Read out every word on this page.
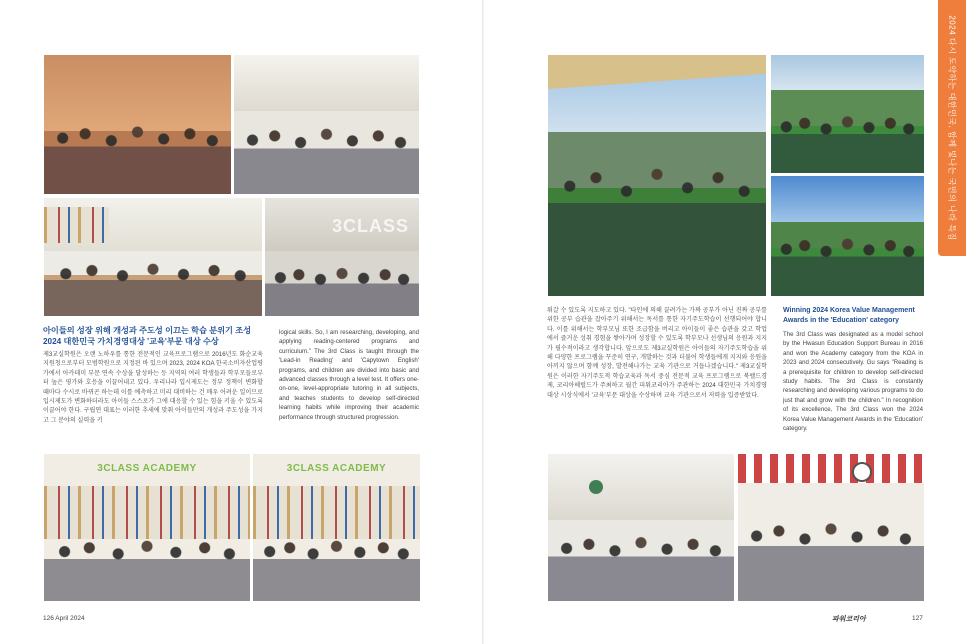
3CLASS
아이들의 성장 위해 개성과 주도성 이끄는 학습 분위기 조성
2024 대한민국 가치경영대상 '교육'부문 대상 수상
제3교실학원은 오랜 노하우를 통한 전문적인 교육프로그램으로 2016년도 화순교육지원청으로부터 모범학원으로 지정된 바 있으며 2023, 2024 KOA 한국소비자산업평가에서 아카데미 부문 연속 수상을 달성하는 등 지역의 여러 학생들과 학부모들로부터 높은 평가와 호응을 이끌어내고 있다. 우리나라 입시제도는 정부 정책이 변화할 때마다 수시로 바뀌곤 하는데 이를 예측하고 미리 대비하는 건 매우 어려운 일이므로 입시제도가 변화하더라도 아이들 스스로가 그에 대응할 수 있는 힘을 키울 수 있도록 이끌어야 한다. 구립연 대표는 이러한 추세에 맞춰 아이들만의 개성과 주도성을 가지고 그 분야의 실력을 키
logical skills. So, I am researching, developing, and applying reading-centered programs and curriculum." The 3rd Class is taught through the 'Lead-in Reading' and 'Capytown English' programs, and children are divided into basic and advanced classes through a level test. It offers one-on-one, level-appropriate tutoring in all subjects, and teaches students to develop self-directed learning habits while improving their academic performance through structured progression.
3CLASS ACADEMY	3CLASS ACADEMY
126 April 2024
워갈 수 있도록 지도하고 있다. "타인에 의해 끌려가는 가짜 공부가 아닌 진짜 공부를 위한 공부 습관을 잡아주기 위해서는 독서를 통한 자기주도학습이 선행되어야 합니다. 이를 위해서는 학부모님 또한 조급함을 버리고 아이들이 좋은 습관을 갖고 학업에서 즐거운 성취 경험을 쌓아가며 성장할 수 있도록 학부모나 선생님의 응원과 지지가 필수적이라고 생각합니다. 앞으로도 제3교실학원은 아이들의 자기주도학습을 위해 다양한 프로그램을 꾸준히 연구, 개발하는 것과 더불어 학생들에게 지지와 응원을 아끼지 않으며 함께 성장, 발전해나가는 교육 기관으로 거듭나겠습니다." 제3교실학원은 이러한 자기주도적 학습교육과 독서 중심 전문적 교육 프로그램으로 북펠드경제, 코리아헤럴드가 주최하고 월간 피워코리아가 주관하는 2024 대한민국 가치경영대상 시상식에서 '교육'부문 대상을 수상하며 교육 기관으로서 저력을 입증받았다.
Winning 2024 Korea Value Management
Awards in the 'Education' category
The 3rd Class was designated as a model school by the Hwasun Education Support Bureau in 2016 and won the Academy category from the KOA in 2023 and 2024 consecutively. Gu says "Reading is a prerequisite for children to develop self-directed study habits. The 3rd Class is constantly researching and developing various programs to do just that and grow with the children." In recognition of its excellence, The 3rd Class won the 2024 Korea Value Management Awards in the 'Education' category.
파워코리아	127
2024 다시 도약하는 대한민국, 함께 빛나는 국민의 나라 특집
